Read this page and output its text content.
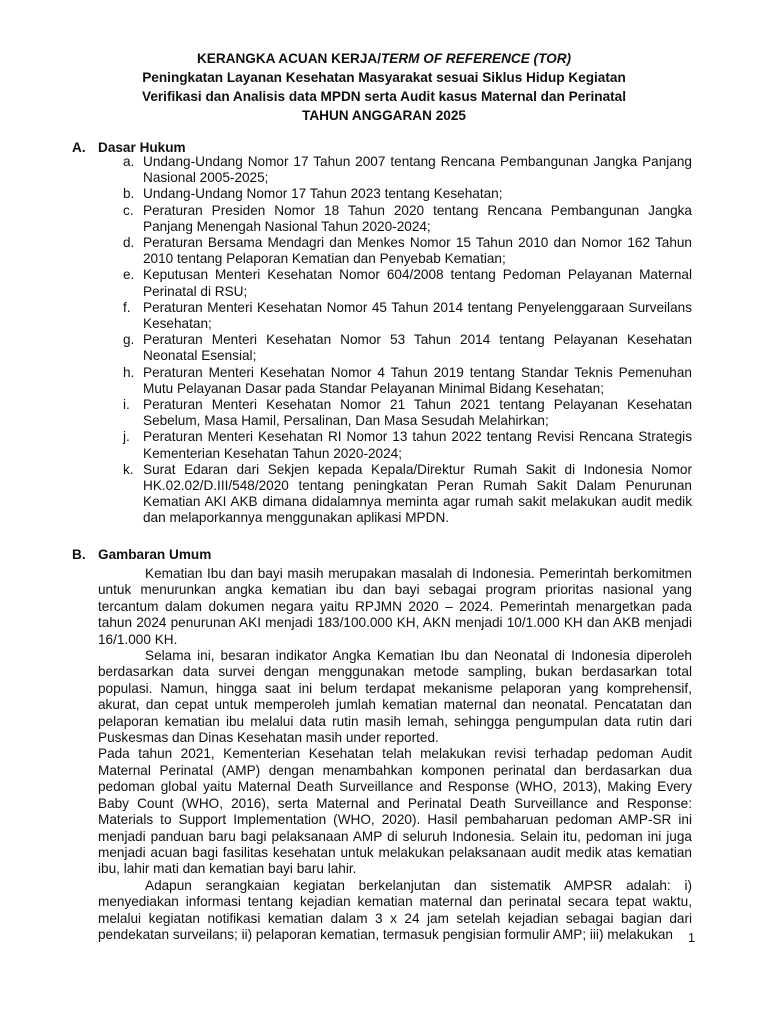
KERANGKA ACUAN KERJA/TERM OF REFERENCE (TOR)
Peningkatan Layanan Kesehatan Masyarakat sesuai Siklus Hidup Kegiatan
Verifikasi dan Analisis data MPDN serta Audit kasus Maternal dan Perinatal
TAHUN ANGGARAN 2025
A. Dasar Hukum
a. Undang-Undang Nomor 17 Tahun 2007 tentang Rencana Pembangunan Jangka Panjang Nasional 2005-2025;
b. Undang-Undang Nomor 17 Tahun 2023 tentang Kesehatan;
c. Peraturan Presiden Nomor 18 Tahun 2020 tentang Rencana Pembangunan Jangka Panjang Menengah Nasional Tahun 2020-2024;
d. Peraturan Bersama Mendagri dan Menkes Nomor 15 Tahun 2010 dan Nomor 162 Tahun 2010 tentang Pelaporan Kematian dan Penyebab Kematian;
e. Keputusan Menteri Kesehatan Nomor 604/2008 tentang Pedoman Pelayanan Maternal Perinatal di RSU;
f. Peraturan Menteri Kesehatan Nomor 45 Tahun 2014 tentang Penyelenggaraan Surveilans Kesehatan;
g. Peraturan Menteri Kesehatan Nomor 53 Tahun 2014 tentang Pelayanan Kesehatan Neonatal Esensial;
h. Peraturan Menteri Kesehatan Nomor 4 Tahun 2019 tentang Standar Teknis Pemenuhan Mutu Pelayanan Dasar pada Standar Pelayanan Minimal Bidang Kesehatan;
i. Peraturan Menteri Kesehatan Nomor 21 Tahun 2021 tentang Pelayanan Kesehatan Sebelum, Masa Hamil, Persalinan, Dan Masa Sesudah Melahirkan;
j. Peraturan Menteri Kesehatan RI Nomor 13 tahun 2022 tentang Revisi Rencana Strategis Kementerian Kesehatan Tahun 2020-2024;
k. Surat Edaran dari Sekjen kepada Kepala/Direktur Rumah Sakit di Indonesia Nomor HK.02.02/D.III/548/2020 tentang peningkatan Peran Rumah Sakit Dalam Penurunan Kematian AKI AKB dimana didalamnya meminta agar rumah sakit melakukan audit medik dan melaporkannya menggunakan aplikasi MPDN.
B. Gambaran Umum

Kematian Ibu dan bayi masih merupakan masalah di Indonesia. Pemerintah berkomitmen untuk menurunkan angka kematian ibu dan bayi sebagai program prioritas nasional yang tercantum dalam dokumen negara yaitu RPJMN 2020 – 2024. Pemerintah menargetkan pada tahun 2024 penurunan AKI menjadi 183/100.000 KH, AKN menjadi 10/1.000 KH dan AKB menjadi 16/1.000 KH.

Selama ini, besaran indikator Angka Kematian Ibu dan Neonatal di Indonesia diperoleh berdasarkan data survei dengan menggunakan metode sampling, bukan berdasarkan total populasi. Namun, hingga saat ini belum terdapat mekanisme pelaporan yang komprehensif, akurat, dan cepat untuk memperoleh jumlah kematian maternal dan neonatal. Pencatatan dan pelaporan kematian ibu melalui data rutin masih lemah, sehingga pengumpulan data rutin dari Puskesmas dan Dinas Kesehatan masih under reported.

Pada tahun 2021, Kementerian Kesehatan telah melakukan revisi terhadap pedoman Audit Maternal Perinatal (AMP) dengan menambahkan komponen perinatal dan berdasarkan dua pedoman global yaitu Maternal Death Surveillance and Response (WHO, 2013), Making Every Baby Count (WHO, 2016), serta Maternal and Perinatal Death Surveillance and Response: Materials to Support Implementation (WHO, 2020). Hasil pembaharuan pedoman AMP-SR ini menjadi panduan baru bagi pelaksanaan AMP di seluruh Indonesia. Selain itu, pedoman ini juga menjadi acuan bagi fasilitas kesehatan untuk melakukan pelaksanaan audit medik atas kematian ibu, lahir mati dan kematian bayi baru lahir.

Adapun serangkaian kegiatan berkelanjutan dan sistematik AMPSR adalah: i) menyediakan informasi tentang kejadian kematian maternal dan perinatal secara tepat waktu, melalui kegiatan notifikasi kematian dalam 3 x 24 jam setelah kejadian sebagai bagian dari pendekatan surveilans; ii) pelaporan kematian, termasuk pengisian formulir AMP; iii) melakukan	1
